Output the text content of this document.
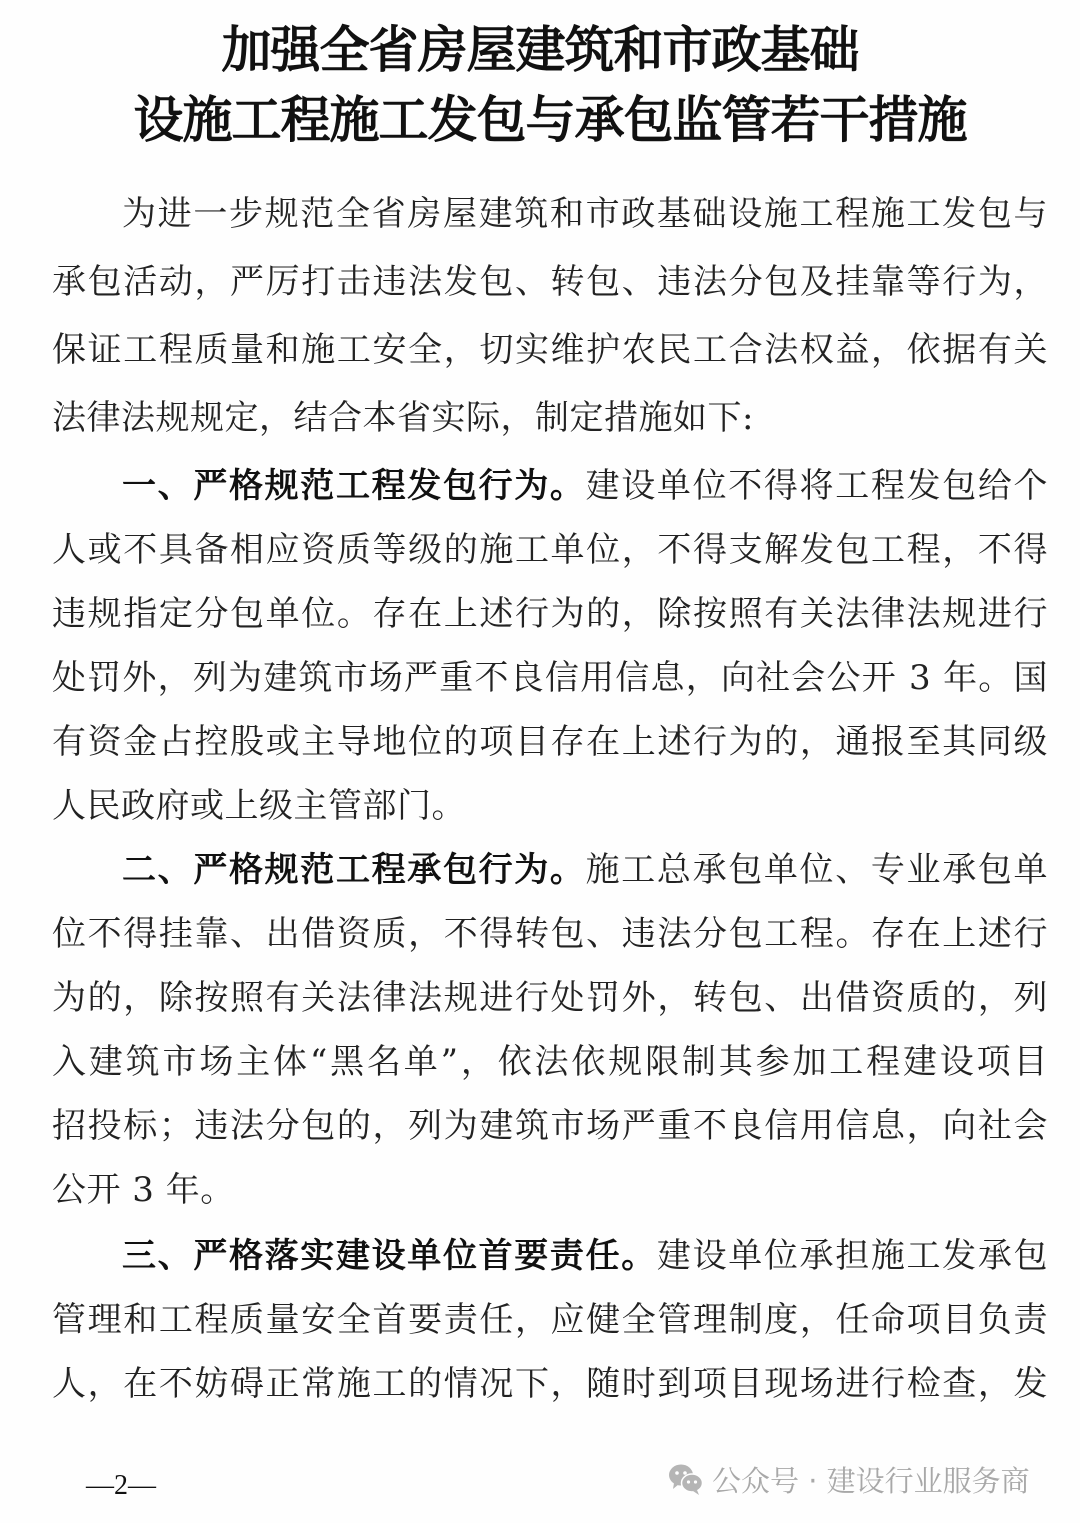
加强全省房屋建筑和市政基础
设施工程施工发包与承包监管若干措施
为进一步规范全省房屋建筑和市政基础设施工程施工发包与
承包活动，严厉打击违法发包、转包、违法分包及挂靠等行为，
保证工程质量和施工安全，切实维护农民工合法权益，依据有关
法律法规规定，结合本省实际，制定措施如下:
一、严格规范工程发包行为。建设单位不得将工程发包给个
人或不具备相应资质等级的施工单位，不得支解发包工程，不得
违规指定分包单位。存在上述行为的，除按照有关法律法规进行
处罚外，列为建筑市场严重不良信用信息，向社会公开 3 年。国
有资金占控股或主导地位的项目存在上述行为的，通报至其同级
人民政府或上级主管部门。
二、严格规范工程承包行为。施工总承包单位、专业承包单
位不得挂靠、出借资质，不得转包、违法分包工程。存在上述行
为的，除按照有关法律法规进行处罚外，转包、出借资质的，列
入建筑市场主体“黑名单”，依法依规限制其参加工程建设项目
招投标；违法分包的，列为建筑市场严重不良信用信息，向社会
公开 3 年。
三、严格落实建设单位首要责任。建设单位承担施工发承包
管理和工程质量安全首要责任，应健全管理制度，任命项目负责
人，在不妨碍正常施工的情况下，随时到项目现场进行检查，发
—2—	公众号 · 建设行业服务商
